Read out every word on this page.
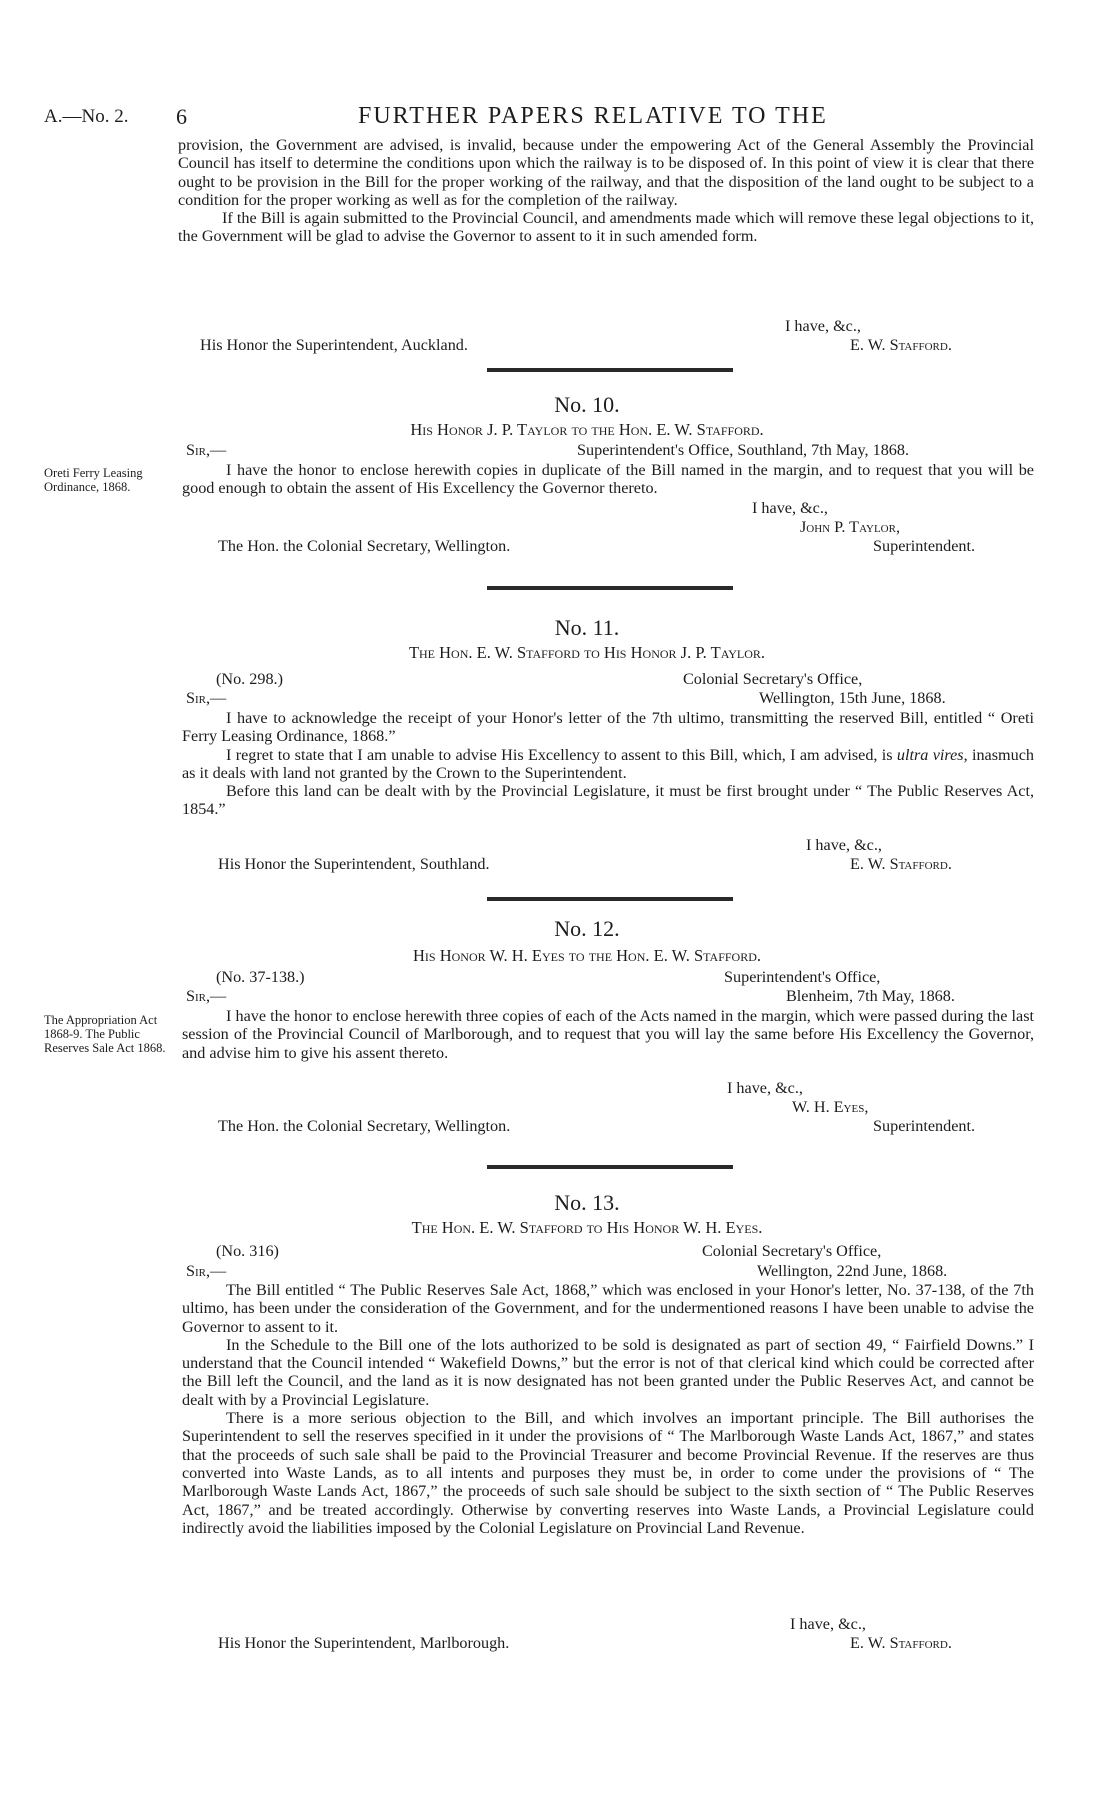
A.—No. 2. 6	FURTHER PAPERS RELATIVE TO THE

provision, the Government are advised, is invalid, because under the empowering Act of the General Assembly the Provincial Council has itself to determine the conditions upon which the railway is to be disposed of. In this point of view it is clear that there ought to be provision in the Bill for the proper working of the railway, and that the disposition of the land ought to be subject to a condition for the proper working as well as for the completion of the railway.

If the Bill is again submitted to the Provincial Council, and amendments made which will remove these legal objections to it, the Government will be glad to advise the Governor to assent to it in such amended form.

I have, &c.,
His Honor the Superintendent, Auckland.	E. W. Stafford.
No. 10.
His Honor J. P. Taylor to the Hon. E. W. Stafford.
Superintendent's Office, Southland, 7th May, 1868.
Sir,—
Oreti Ferry Leasing Ordinance, 1868.

I have the honor to enclose herewith copies in duplicate of the Bill named in the margin, and to request that you will be good enough to obtain the assent of His Excellency the Governor thereto.

I have, &c.,
John P. Taylor,
The Hon. the Colonial Secretary, Wellington.	Superintendent.
No. 11.
The Hon. E. W. Stafford to His Honor J. P. Taylor.
(No. 298.)	Colonial Secretary's Office,
Sir,—	Wellington, 15th June, 1868.

I have to acknowledge the receipt of your Honor's letter of the 7th ultimo, transmitting the reserved Bill, entitled “ Oreti Ferry Leasing Ordinance, 1868.”

I regret to state that I am unable to advise His Excellency to assent to this Bill, which, I am advised, is ultra vires, inasmuch as it deals with land not granted by the Crown to the Superintendent.

Before this land can be dealt with by the Provincial Legislature, it must be first brought under “ The Public Reserves Act, 1854.”

I have, &c.,
His Honor the Superintendent, Southland.	E. W. Stafford.
No. 12.
His Honor W. H. Eyes to the Hon. E. W. Stafford.
(No. 37-138.)	Superintendent's Office,
Sir,—	Blenheim, 7th May, 1868.
The Appropriation Act 1868-9. The Public Reserves Sale Act 1868.

I have the honor to enclose herewith three copies of each of the Acts named in the margin, which were passed during the last session of the Provincial Council of Marlborough, and to request that you will lay the same before His Excellency the Governor, and advise him to give his assent thereto.

I have, &c.,
W. H. Eyes,
The Hon. the Colonial Secretary, Wellington.	Superintendent.
No. 13.
The Hon. E. W. Stafford to His Honor W. H. Eyes.
(No. 316)	Colonial Secretary's Office,
Sir,—	Wellington, 22nd June, 1868.

The Bill entitled “ The Public Reserves Sale Act, 1868,” which was enclosed in your Honor's letter, No. 37-138, of the 7th ultimo, has been under the consideration of the Government, and for the undermentioned reasons I have been unable to advise the Governor to assent to it.

In the Schedule to the Bill one of the lots authorized to be sold is designated as part of section 49, “ Fairfield Downs.” I understand that the Council intended “ Wakefield Downs,” but the error is not of that clerical kind which could be corrected after the Bill left the Council, and the land as it is now designated has not been granted under the Public Reserves Act, and cannot be dealt with by a Provincial Legislature.

There is a more serious objection to the Bill, and which involves an important principle. The Bill authorises the Superintendent to sell the reserves specified in it under the provisions of “ The Marlborough Waste Lands Act, 1867,” and states that the proceeds of such sale shall be paid to the Provincial Treasurer and become Provincial Revenue. If the reserves are thus converted into Waste Lands, as to all intents and purposes they must be, in order to come under the provisions of “ The Marlborough Waste Lands Act, 1867,” the proceeds of such sale should be subject to the sixth section of “ The Public Reserves Act, 1867,” and be treated accordingly. Otherwise by converting reserves into Waste Lands, a Provincial Legislature could indirectly avoid the liabilities imposed by the Colonial Legislature on Provincial Land Revenue.

I have, &c.,
His Honor the Superintendent, Marlborough.	E. W. Stafford.
